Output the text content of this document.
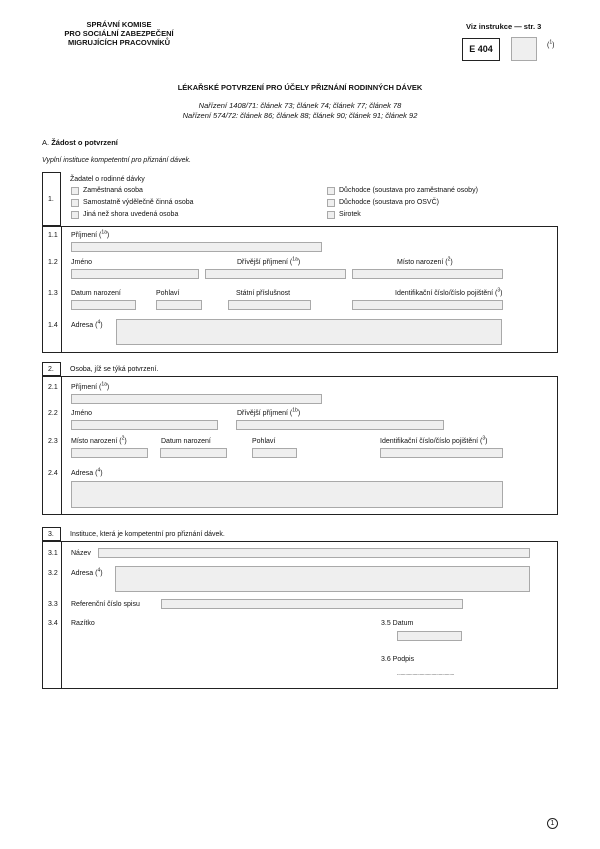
SPRÁVNÍ KOMISE
PRO SOCIÁLNÍ ZABEZPEČENÍ
MIGRUJÍCÍCH PRACOVNÍKŮ
Viz instrukce — str. 3
E 404	($^1$)
LÉKAŘSKÉ POTVRZENÍ PRO ÚČELY PŘIZNÁNÍ RODINNÝCH DÁVEK
Nařízení 1408/71: článek 73; článek 74; článek 77; článek 78
Nařízení 574/72: článek 86; článek 88; článek 90; článek 91; článek 92
A. Žádost o potvrzení
Vyplní instituce kompetentní pro přiznání dávek.
1.
Žadatel o rodinné dávky
Zaměstnaná osoba
Samostatně výdělečně činná osoba
Jiná než shora uvedená osoba
Důchodce (soustava pro zaměstnané osoby)
Důchodce (soustava pro OSVČ)
Sirotek
1.1 Příjmení ($^{1a}$)
1.2 Jméno	Dřívější příjmení ($^{1a}$)	Místo narození ($^2$)
1.3 Datum narození	Pohlaví	Státní příslušnost	Identifikační číslo/číslo pojištění ($^3$)
1.4 Adresa ($^4$)
2. Osoba, jíž se týká potvrzení.
2.1 Příjmení ($^{1a}$)
2.2 Jméno	Dřívější příjmení ($^{1b}$)
2.3 Místo narození ($^2$)	Datum narození	Pohlaví	Identifikační číslo/číslo pojištění ($^3$)
2.4 Adresa ($^4$)
3. Instituce, která je kompetentní pro přiznání dávek.
3.1 Název
3.2 Adresa ($^4$)
3.3 Referenční číslo spisu
3.4 Razítko	3.5 Datum
3.6 Podpis
................................................
1
